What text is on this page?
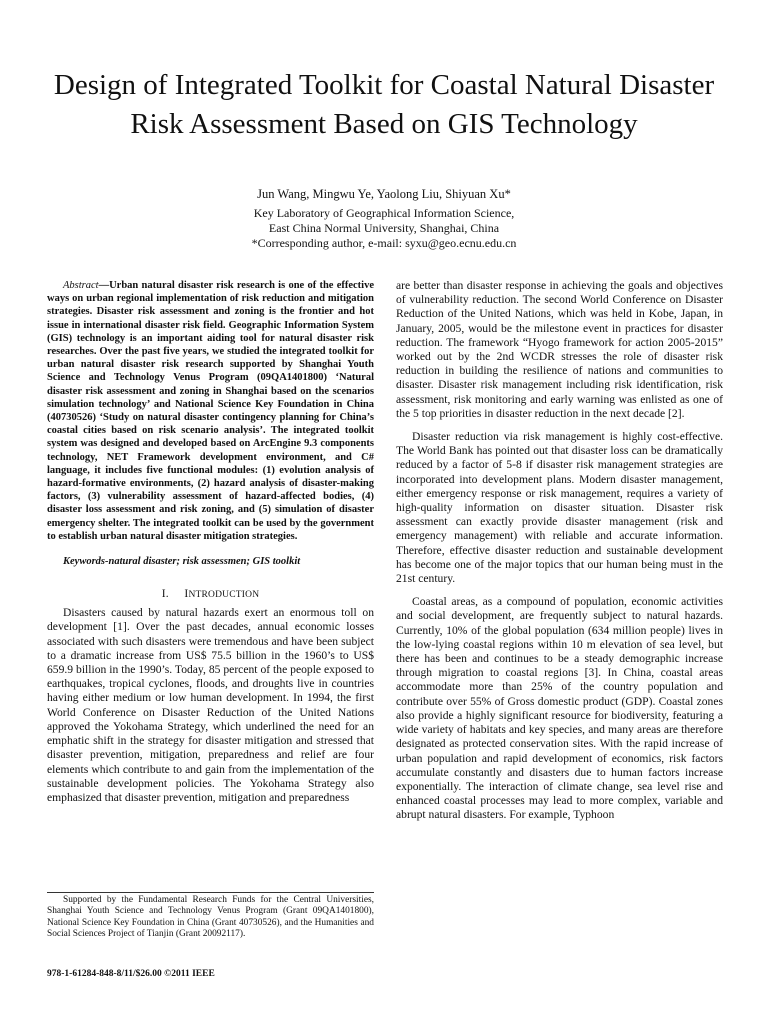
Design of Integrated Toolkit for Coastal Natural Disaster Risk Assessment Based on GIS Technology
Jun Wang, Mingwu Ye, Yaolong Liu, Shiyuan Xu*
Key Laboratory of Geographical Information Science,
East China Normal University, Shanghai, China
*Corresponding author, e-mail: syxu@geo.ecnu.edu.cn

Abstract—Urban natural disaster risk research is one of the effective ways on urban regional implementation of risk reduction and mitigation strategies. Disaster risk assessment and zoning is the frontier and hot issue in international disaster risk field. Geographic Information System (GIS) technology is an important aiding tool for natural disaster risk researches. Over the past five years, we studied the integrated toolkit for urban natural disaster risk research supported by Shanghai Youth Science and Technology Venus Program (09QA1401800) ‘Natural disaster risk assessment and zoning in Shanghai based on the scenarios simulation technology’ and National Science Key Foundation in China (40730526) ‘Study on natural disaster contingency planning for China’s coastal cities based on risk scenario analysis’. The integrated toolkit system was designed and developed based on ArcEngine 9.3 components technology, NET Framework development environment, and C# language, it includes five functional modules: (1) evolution analysis of hazard-formative environments, (2) hazard analysis of disaster-making factors, (3) vulnerability assessment of hazard-affected bodies, (4) disaster loss assessment and risk zoning, and (5) simulation of disaster emergency shelter. The integrated toolkit can be used by the government to establish urban natural disaster mitigation strategies.

Keywords-natural disaster; risk assessmen; GIS toolkit

I. INTRODUCTION

Disasters caused by natural hazards exert an enormous toll on development [1]. Over the past decades, annual economic losses associated with such disasters were tremendous and have been subject to a dramatic increase from US$ 75.5 billion in the 1960’s to US$ 659.9 billion in the 1990’s. Today, 85 percent of the people exposed to earthquakes, tropical cyclones, floods, and droughts live in countries having either medium or low human development. In 1994, the first World Conference on Disaster Reduction of the United Nations approved the Yokohama Strategy, which underlined the need for an emphatic shift in the strategy for disaster mitigation and stressed that disaster prevention, mitigation, preparedness and relief are four elements which contribute to and gain from the implementation of the sustainable development policies. The Yokohama Strategy also emphasized that disaster prevention, mitigation and preparedness

are better than disaster response in achieving the goals and objectives of vulnerability reduction. The second World Conference on Disaster Reduction of the United Nations, which was held in Kobe, Japan, in January, 2005, would be the milestone event in practices for disaster reduction. The framework “Hyogo framework for action 2005-2015” worked out by the 2nd WCDR stresses the role of disaster risk reduction in building the resilience of nations and communities to disaster. Disaster risk management including risk identification, risk assessment, risk monitoring and early warning was enlisted as one of the 5 top priorities in disaster reduction in the next decade [2].

Disaster reduction via risk management is highly cost-effective. The World Bank has pointed out that disaster loss can be dramatically reduced by a factor of 5-8 if disaster risk management strategies are incorporated into development plans. Modern disaster management, either emergency response or risk management, requires a variety of high-quality information on disaster situation. Disaster risk assessment can exactly provide disaster management (risk and emergency management) with reliable and accurate information. Therefore, effective disaster reduction and sustainable development has become one of the major topics that our human being must in the 21st century.

Coastal areas, as a compound of population, economic activities and social development, are frequently subject to natural hazards. Currently, 10% of the global population (634 million people) lives in the low-lying coastal regions within 10 m elevation of sea level, but there has been and continues to be a steady demographic increase through migration to coastal regions [3]. In China, coastal areas accommodate more than 25% of the country population and contribute over 55% of Gross domestic product (GDP). Coastal zones also provide a highly significant resource for biodiversity, featuring a wide variety of habitats and key species, and many areas are therefore designated as protected conservation sites. With the rapid increase of urban population and rapid development of economics, risk factors accumulate constantly and disasters due to human factors increase exponentially. The interaction of climate change, sea level rise and enhanced coastal processes may lead to more complex, variable and abrupt natural disasters. For example, Typhoon

Supported by the Fundamental Research Funds for the Central Universities, Shanghai Youth Science and Technology Venus Program (Grant 09QA1401800), National Science Key Foundation in China (Grant 40730526), and the Humanities and Social Sciences Project of Tianjin (Grant 20092117).
978-1-61284-848-8/11/$26.00 ©2011 IEEE
